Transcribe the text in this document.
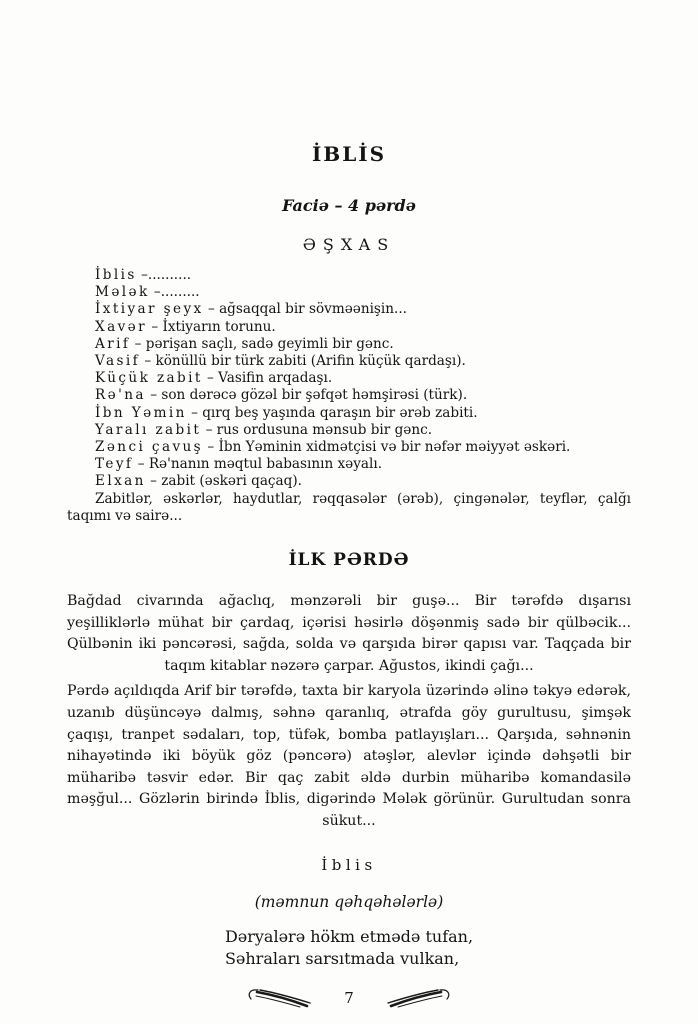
İBLİS
Faciə – 4 pərdə
ƏŞXAS
İblis –..........
Mələk –.........
İxtiyar şeyx – ağsaqqal bir sövməənişin...
Xavər – İxtiyarın torunu.
Arif – pərişan saçlı, sadə geyimli bir gənc.
Vasif – könüllü bir türk zabiti (Arifin küçük qardaşı).
Küçük zabit – Vasifin arqadaşı.
Rə'na – son dərəcə gözəl bir şəfqət həmşirəsi (türk).
İbn Yəmin – qırq beş yaşında qaraşın bir ərəb zabiti.
Yaralı zabit – rus ordusuna mənsub bir gənc.
Zənci çavuş – İbn Yəminin xidmətçisi və bir nəfər məiyyət əskəri.
Teyf – Rə'nanın məqtul babasının xəyalı.
Elxan – zabit (əskəri qaçaq).

Zabitlər, əskərlər, haydutlar, rəqqasələr (ərəb), çingənələr, teyflər, çalğı taqımı və sairə...

İLK PƏRDƏ

Bağdad civarında ağaclıq, mənzərəli bir guşə... Bir tərəfdə dışarısı yeşilliklərlə mühat bir çardaq, içərisi həsirlə döşənmiş sadə bir qülbəcik... Qülbənin iki pəncərəsi, sağda, solda və qarşıda birər qapısı var. Taqçada bir taqım kitablar nəzərə çarpar. Ağustos, ikindi çağı...

Pərdə açıldıqda Arif bir tərəfdə, taxta bir karyola üzərində əlinə təkyə edərək, uzanıb düşüncəyə dalmış, səhnə qaranlıq, ətrafda göy gurultusu, şimşək çaqışı, tranpet sədaları, top, tüfək, bomba patlayışları... Qarşıda, səhnənin nihayətində iki böyük göz (pəncərə) atəşlər, alevlər içində dəhşətli bir müharibə təsvir edər. Bir qaç zabit əldə durbin müharibə komandasilə məşğul... Gözlərin birində İblis, digərində Mələk görünür. Gurultudan sonra sükut...

İblis
(məmnun qəhqəhələrlə)
Dəryalərə hökm etmədə tufan,
Səhraları sarsıtmada vulkan,
7
